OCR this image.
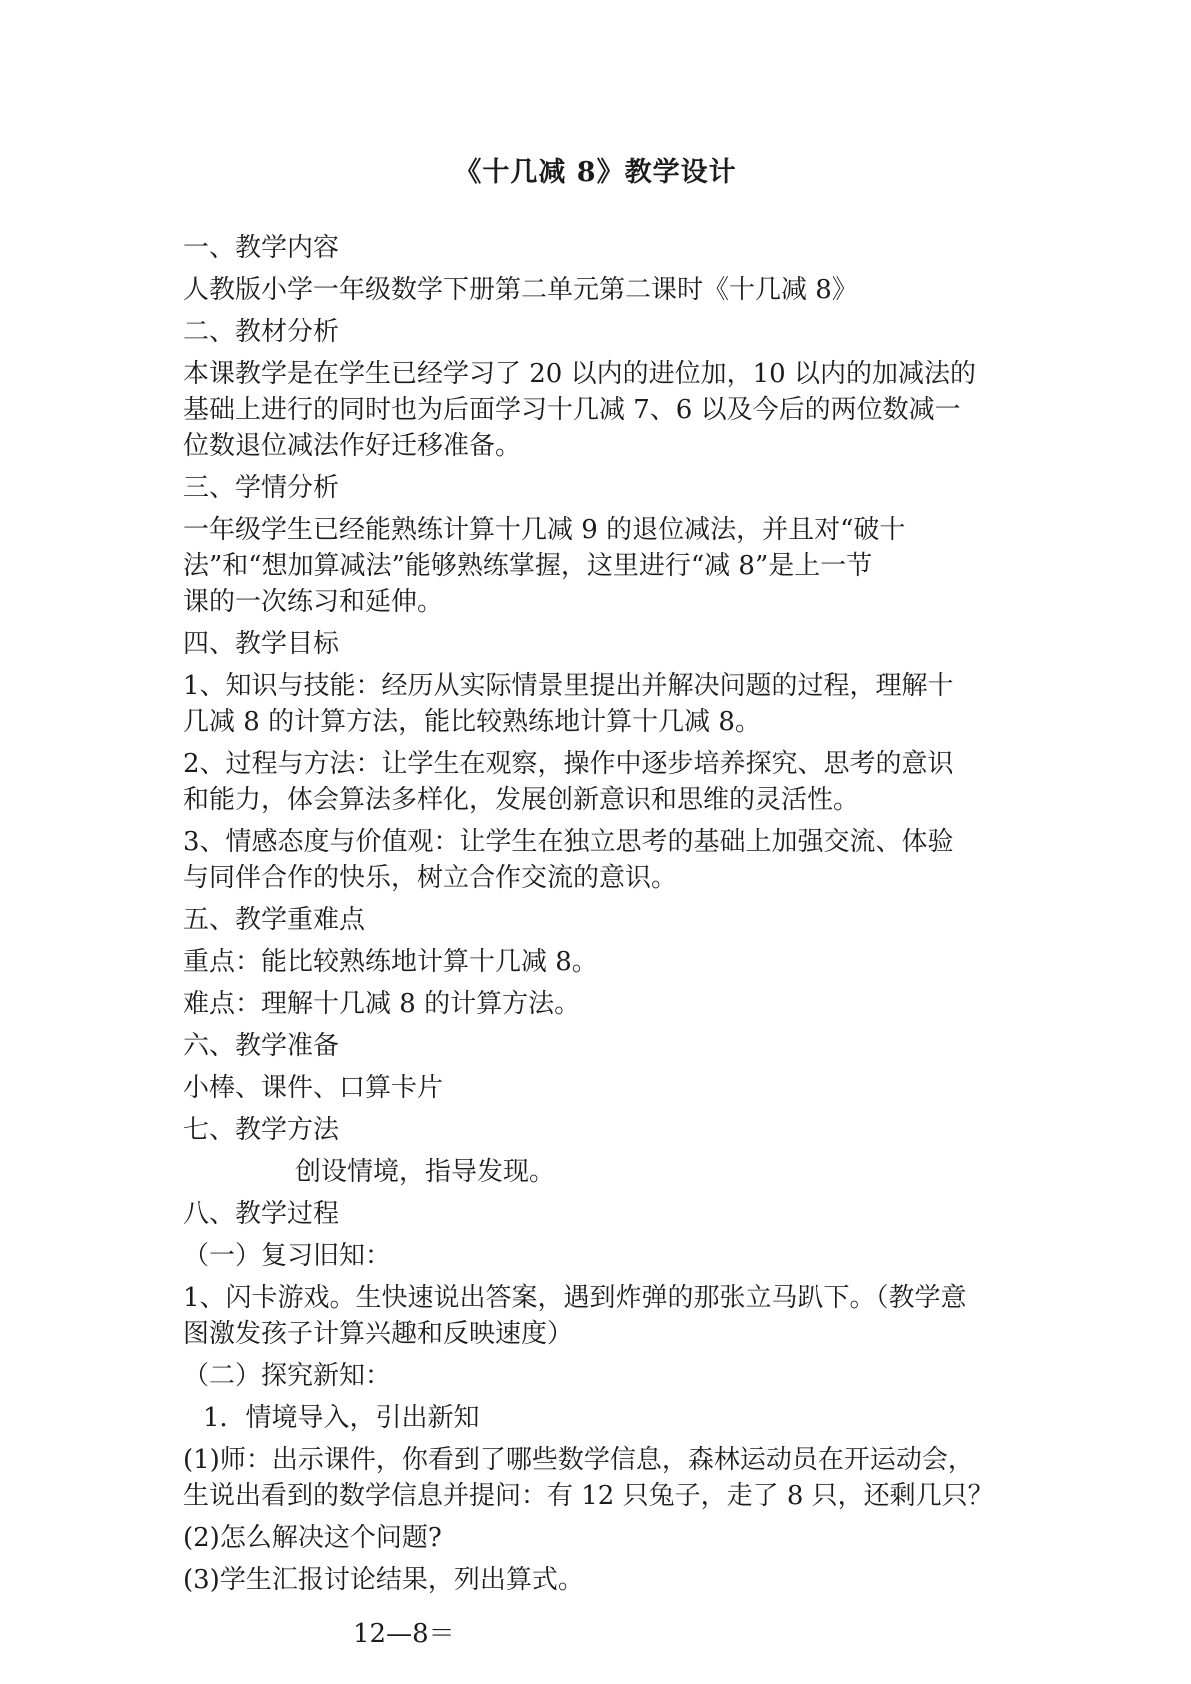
《十几减 8》教学设计

一、教学内容

人教版小学一年级数学下册第二单元第二课时《十几减 8》

二、教材分析

本课教学是在学生已经学习了 20 以内的进位加，10 以内的加减法的

基础上进行的同时也为后面学习十几减 7、6 以及今后的两位数减一

位数退位减法作好迁移准备。

三、学情分析

一年级学生已经能熟练计算十几减 9 的退位减法，并且对“破十

法”和“想加算减法”能够熟练掌握，这里进行“减 8”是上一节

课的一次练习和延伸。

四、教学目标

1、知识与技能：经历从实际情景里提出并解决问题的过程，理解十

几减 8 的计算方法，能比较熟练地计算十几减 8。

2、过程与方法：让学生在观察，操作中逐步培养探究、思考的意识

和能力，体会算法多样化，发展创新意识和思维的灵活性。

3、情感态度与价值观：让学生在独立思考的基础上加强交流、体验

与同伴合作的快乐，树立合作交流的意识。

五、教学重难点

重点：能比较熟练地计算十几减 8。

难点：理解十几减 8 的计算方法。

六、教学准备

小棒、课件、口算卡片

七、教学方法

创设情境，指导发现。

八、教学过程

（一）复习旧知：

1、闪卡游戏。生快速说出答案，遇到炸弹的那张立马趴下。（教学意

图激发孩子计算兴趣和反映速度）

（二）探究新知：

1．情境导入，引出新知

(1)师：出示课件，你看到了哪些数学信息，森林运动员在开运动会，

生说出看到的数学信息并提问：有 12 只兔子，走了 8 只，还剩几只？

(2)怎么解决这个问题?

(3)学生汇报讨论结果，列出算式。

12—8＝
